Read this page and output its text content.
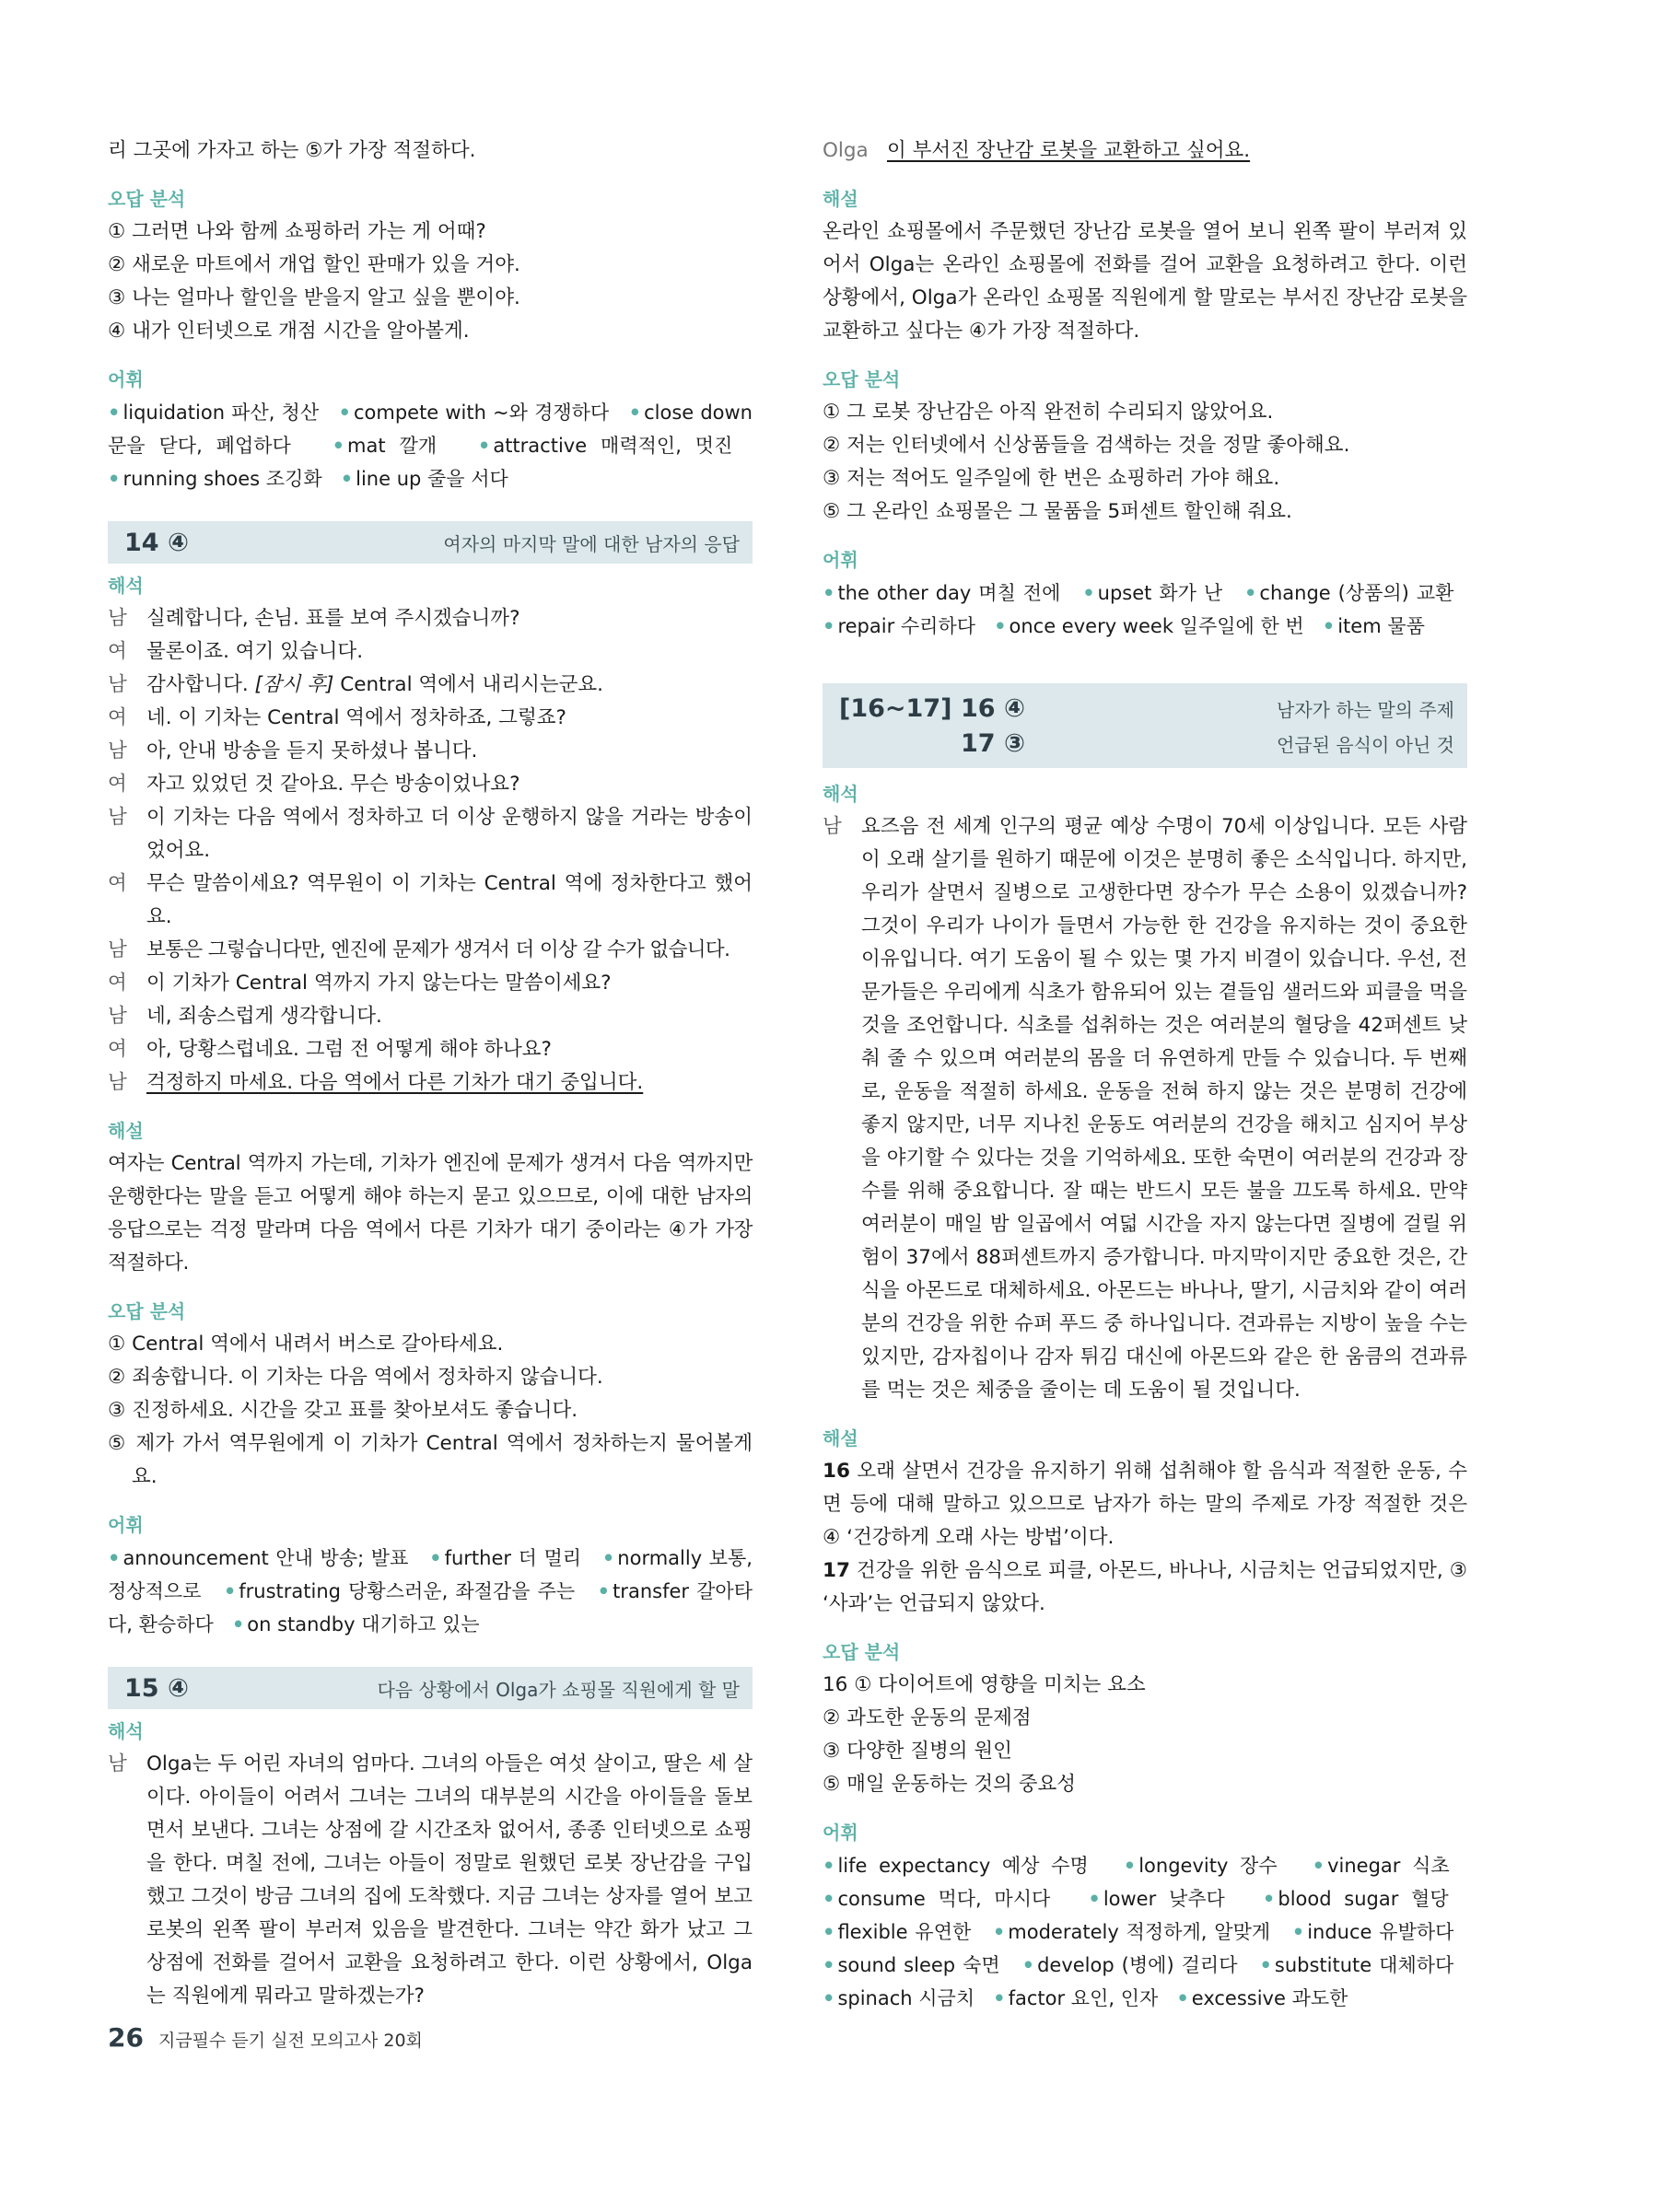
리 그곳에 가자고 하는 ⑤가 가장 적절하다.

오답 분석

① 그러면 나와 함께 쇼핑하러 가는 게 어때?

② 새로운 마트에서 개업 할인 판매가 있을 거야.

③ 나는 얼마나 할인을 받을지 알고 싶을 뿐이야.

④ 내가 인터넷으로 개점 시간을 알아볼게.

어휘

• liquidation 파산, 청산 • compete with ~와 경쟁하다 • close down 문을 닫다, 폐업하다 • mat 깔개 • attractive 매력적인, 멋진   • running shoes 조깅화 • line up 줄을 서다

14 ④	여자의 마지막 말에 대한 남자의 응답

해석

남 실례합니다, 손님. 표를 보여 주시겠습니까?
여 물론이죠. 여기 있습니다.
남 감사합니다. [잠시 후] Central 역에서 내리시는군요.
여 네. 이 기차는 Central 역에서 정차하죠, 그렇죠?
남 아, 안내 방송을 듣지 못하셨나 봅니다.
여 자고 있었던 것 같아요. 무슨 방송이었나요?
남 이 기차는 다음 역에서 정차하고 더 이상 운행하지 않을 거라는 방송이었어요.
여 무슨 말씀이세요? 역무원이 이 기차는 Central 역에 정차한다고 했어요.
남 보통은 그렇습니다만, 엔진에 문제가 생겨서 더 이상 갈 수가 없습니다.
여 이 기차가 Central 역까지 가지 않는다는 말씀이세요?
남 네, 죄송스럽게 생각합니다.
여 아, 당황스럽네요. 그럼 전 어떻게 해야 하나요?
남 걱정하지 마세요. 다음 역에서 다른 기차가 대기 중입니다.

해설

여자는 Central 역까지 가는데, 기차가 엔진에 문제가 생겨서 다음 역까지만 운행한다는 말을 듣고 어떻게 해야 하는지 묻고 있으므로, 이에 대한 남자의 응답으로는 걱정 말라며 다음 역에서 다른 기차가 대기 중이라는 ④가 가장 적절하다.

오답 분석

① Central 역에서 내려서 버스로 갈아타세요.

② 죄송합니다. 이 기차는 다음 역에서 정차하지 않습니다.

③ 진정하세요. 시간을 갖고 표를 찾아보셔도 좋습니다.

⑤ 제가 가서 역무원에게 이 기차가 Central 역에서 정차하는지 물어볼게요.

어휘

• announcement 안내 방송; 발표 • further 더 멀리 • normally 보통, 정상적으로 • frustrating 당황스러운, 좌절감을 주는 • transfer 갈아타다, 환승하다 • on standby 대기하고 있는

15 ④	다음 상황에서 Olga가 쇼핑몰 직원에게 할 말

해석

남 Olga는 두 어린 자녀의 엄마다. 그녀의 아들은 여섯 살이고, 딸은 세 살이다. 아이들이 어려서 그녀는 그녀의 대부분의 시간을 아이들을 돌보면서 보낸다. 그녀는 상점에 갈 시간조차 없어서, 종종 인터넷으로 쇼핑을 한다. 며칠 전에, 그녀는 아들이 정말로 원했던 로봇 장난감을 구입했고 그것이 방금 그녀의 집에 도착했다. 지금 그녀는 상자를 열어 보고 로봇의 왼쪽 팔이 부러져 있음을 발견한다. 그녀는 약간 화가 났고 그 상점에 전화를 걸어서 교환을 요청하려고 한다. 이런 상황에서, Olga는 직원에게 뭐라고 말하겠는가?

Olga 이 부서진 장난감 로봇을 교환하고 싶어요.

해설

온라인 쇼핑몰에서 주문했던 장난감 로봇을 열어 보니 왼쪽 팔이 부러져 있어서 Olga는 온라인 쇼핑몰에 전화를 걸어 교환을 요청하려고 한다. 이런 상황에서, Olga가 온라인 쇼핑몰 직원에게 할 말로는 부서진 장난감 로봇을 교환하고 싶다는 ④가 가장 적절하다.

오답 분석

① 그 로봇 장난감은 아직 완전히 수리되지 않았어요.

② 저는 인터넷에서 신상품들을 검색하는 것을 정말 좋아해요.

③ 저는 적어도 일주일에 한 번은 쇼핑하러 가야 해요.

⑤ 그 온라인 쇼핑몰은 그 물품을 5퍼센트 할인해 줘요.

어휘

• the other day 며칠 전에 • upset 화가 난 • change (상품의) 교환   • repair 수리하다 • once every week 일주일에 한 번 • item 물품

[16~17] 16 ④	남자가 하는 말의 주제
17 ③	언급된 음식이 아닌 것

해석

남 요즈음 전 세계 인구의 평균 예상 수명이 70세 이상입니다. 모든 사람이 오래 살기를 원하기 때문에 이것은 분명히 좋은 소식입니다. 하지만, 우리가 살면서 질병으로 고생한다면 장수가 무슨 소용이 있겠습니까? 그것이 우리가 나이가 들면서 가능한 한 건강을 유지하는 것이 중요한 이유입니다. 여기 도움이 될 수 있는 몇 가지 비결이 있습니다. 우선, 전문가들은 우리에게 식초가 함유되어 있는 곁들임 샐러드와 피클을 먹을 것을 조언합니다. 식초를 섭취하는 것은 여러분의 혈당을 42퍼센트 낮춰 줄 수 있으며 여러분의 몸을 더 유연하게 만들 수 있습니다. 두 번째로, 운동을 적절히 하세요. 운동을 전혀 하지 않는 것은 분명히 건강에 좋지 않지만, 너무 지나친 운동도 여러분의 건강을 해치고 심지어 부상을 야기할 수 있다는 것을 기억하세요. 또한 숙면이 여러분의 건강과 장수를 위해 중요합니다. 잘 때는 반드시 모든 불을 끄도록 하세요. 만약 여러분이 매일 밤 일곱에서 여덟 시간을 자지 않는다면 질병에 걸릴 위험이 37에서 88퍼센트까지 증가합니다. 마지막이지만 중요한 것은, 간식을 아몬드로 대체하세요. 아몬드는 바나나, 딸기, 시금치와 같이 여러분의 건강을 위한 슈퍼 푸드 중 하나입니다. 견과류는 지방이 높을 수는 있지만, 감자칩이나 감자 튀김 대신에 아몬드와 같은 한 움큼의 견과류를 먹는 것은 체중을 줄이는 데 도움이 될 것입니다.

해설

16 오래 살면서 건강을 유지하기 위해 섭취해야 할 음식과 적절한 운동, 수면 등에 대해 말하고 있으므로 남자가 하는 말의 주제로 가장 적절한 것은 ④ ‘건강하게 오래 사는 방법’이다.

17 건강을 위한 음식으로 피클, 아몬드, 바나나, 시금치는 언급되었지만, ③ ‘사과’는 언급되지 않았다.

오답 분석

16 ① 다이어트에 영향을 미치는 요소

② 과도한 운동의 문제점

③ 다양한 질병의 원인

⑤ 매일 운동하는 것의 중요성

어휘

• life expectancy 예상 수명 • longevity 장수 • vinegar 식초   • consume 먹다, 마시다 • lower 낮추다 • blood sugar 혈당   • flexible 유연한 • moderately 적정하게, 알맞게 • induce 유발하다   • sound sleep 숙면 • develop (병에) 걸리다 • substitute 대체하다   • spinach 시금치 • factor 요인, 인자 • excessive 과도한

26 지금필수 듣기 실전 모의고사 20회
